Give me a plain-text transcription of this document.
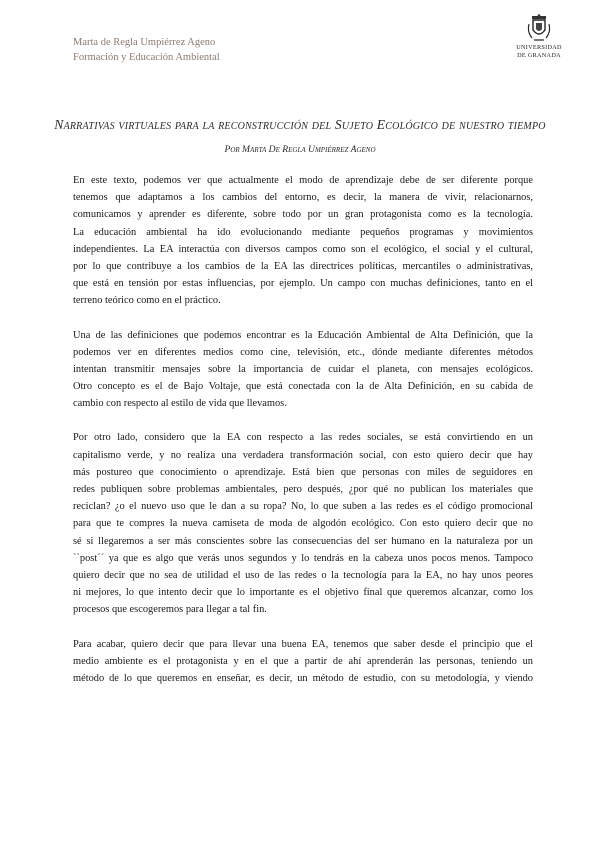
Marta de Regla Umpiérrez Ageno
Formación y Educación Ambiental
UNIVERSIDAD
DE GRANADA
Narrativas virtuales para la reconstrucción del Sujeto Ecológico de nuestro tiempo
Por Marta De Regla Umpiérrez Ageno
En este texto, podemos ver que actualmente el modo de aprendizaje debe de ser diferente porque
tenemos que adaptamos a los cambios del entorno, es decir, la manera de vivir, relacionarnos,
comunicamos y aprender es diferente, sobre todo por un gran protagonista como es la tecnología.
La educación ambiental ha ido evolucionando mediante pequeños programas y movimientos
independientes. La EA interactúa con diversos campos como son el ecológico, el social y el cultural,
por lo que contribuye a los cambios de la EA las directrices políticas, mercantiles o administrativas,
que está en tensión por estas influencias, por ejemplo. Un campo con muchas definiciones, tanto en el
terreno teórico como en el práctico.
Una de las definiciones que podemos encontrar es la Educación Ambiental de Alta Definición, que la
podemos ver en diferentes medios como cine, televisión, etc., dónde mediante diferentes métodos
intentan transmitir mensajes sobre la importancia de cuidar el planeta, con mensajes ecológicos.
Otro concepto es el de Bajo Voltaje, que está conectada con la de Alta Definición, en su cabida de
cambio con respecto al estilo de vida que llevamos.
Por otro lado, considero que la EA con respecto a las redes sociales, se está convirtiendo en un
capitalismo verde, y no realiza una verdadera transformación social, con esto quiero decir que hay
más postureo que conocimiento o aprendizaje. Está bien que personas con miles de seguidores en
redes publiquen sobre problemas ambientales, pero después, ¿por qué no publican los materiales que
reciclan? ¿o el nuevo uso que le dan a su ropa? No, lo que suben a las redes es el código promocional
para que te compres la nueva camiseta de moda de algodón ecológico. Con esto quiero decir que no
sé si llegaremos a ser más conscientes sobre las consecuencias del ser humano en la naturaleza por un
``post´´ ya que es algo que verás unos segundos y lo tendrás en la cabeza unos pocos menos. Tampoco
quiero decir que no sea de utilidad el uso de las redes o la tecnología para la EA, no hay unos peores
ni mejores, lo que intento decir que lo importante es el objetivo final que queremos alcanzar, como los
procesos que escogeremos para llegar a tal fin.
Para acabar, quiero decir que para llevar una buena EA, tenemos que saber desde el principio que el
medio ambiente es el protagonista y en el que a partir de ahí aprenderán las personas, teniendo un
método de lo que queremos en enseñar, es decir, un método de estudio, con su metodología, y viendo
